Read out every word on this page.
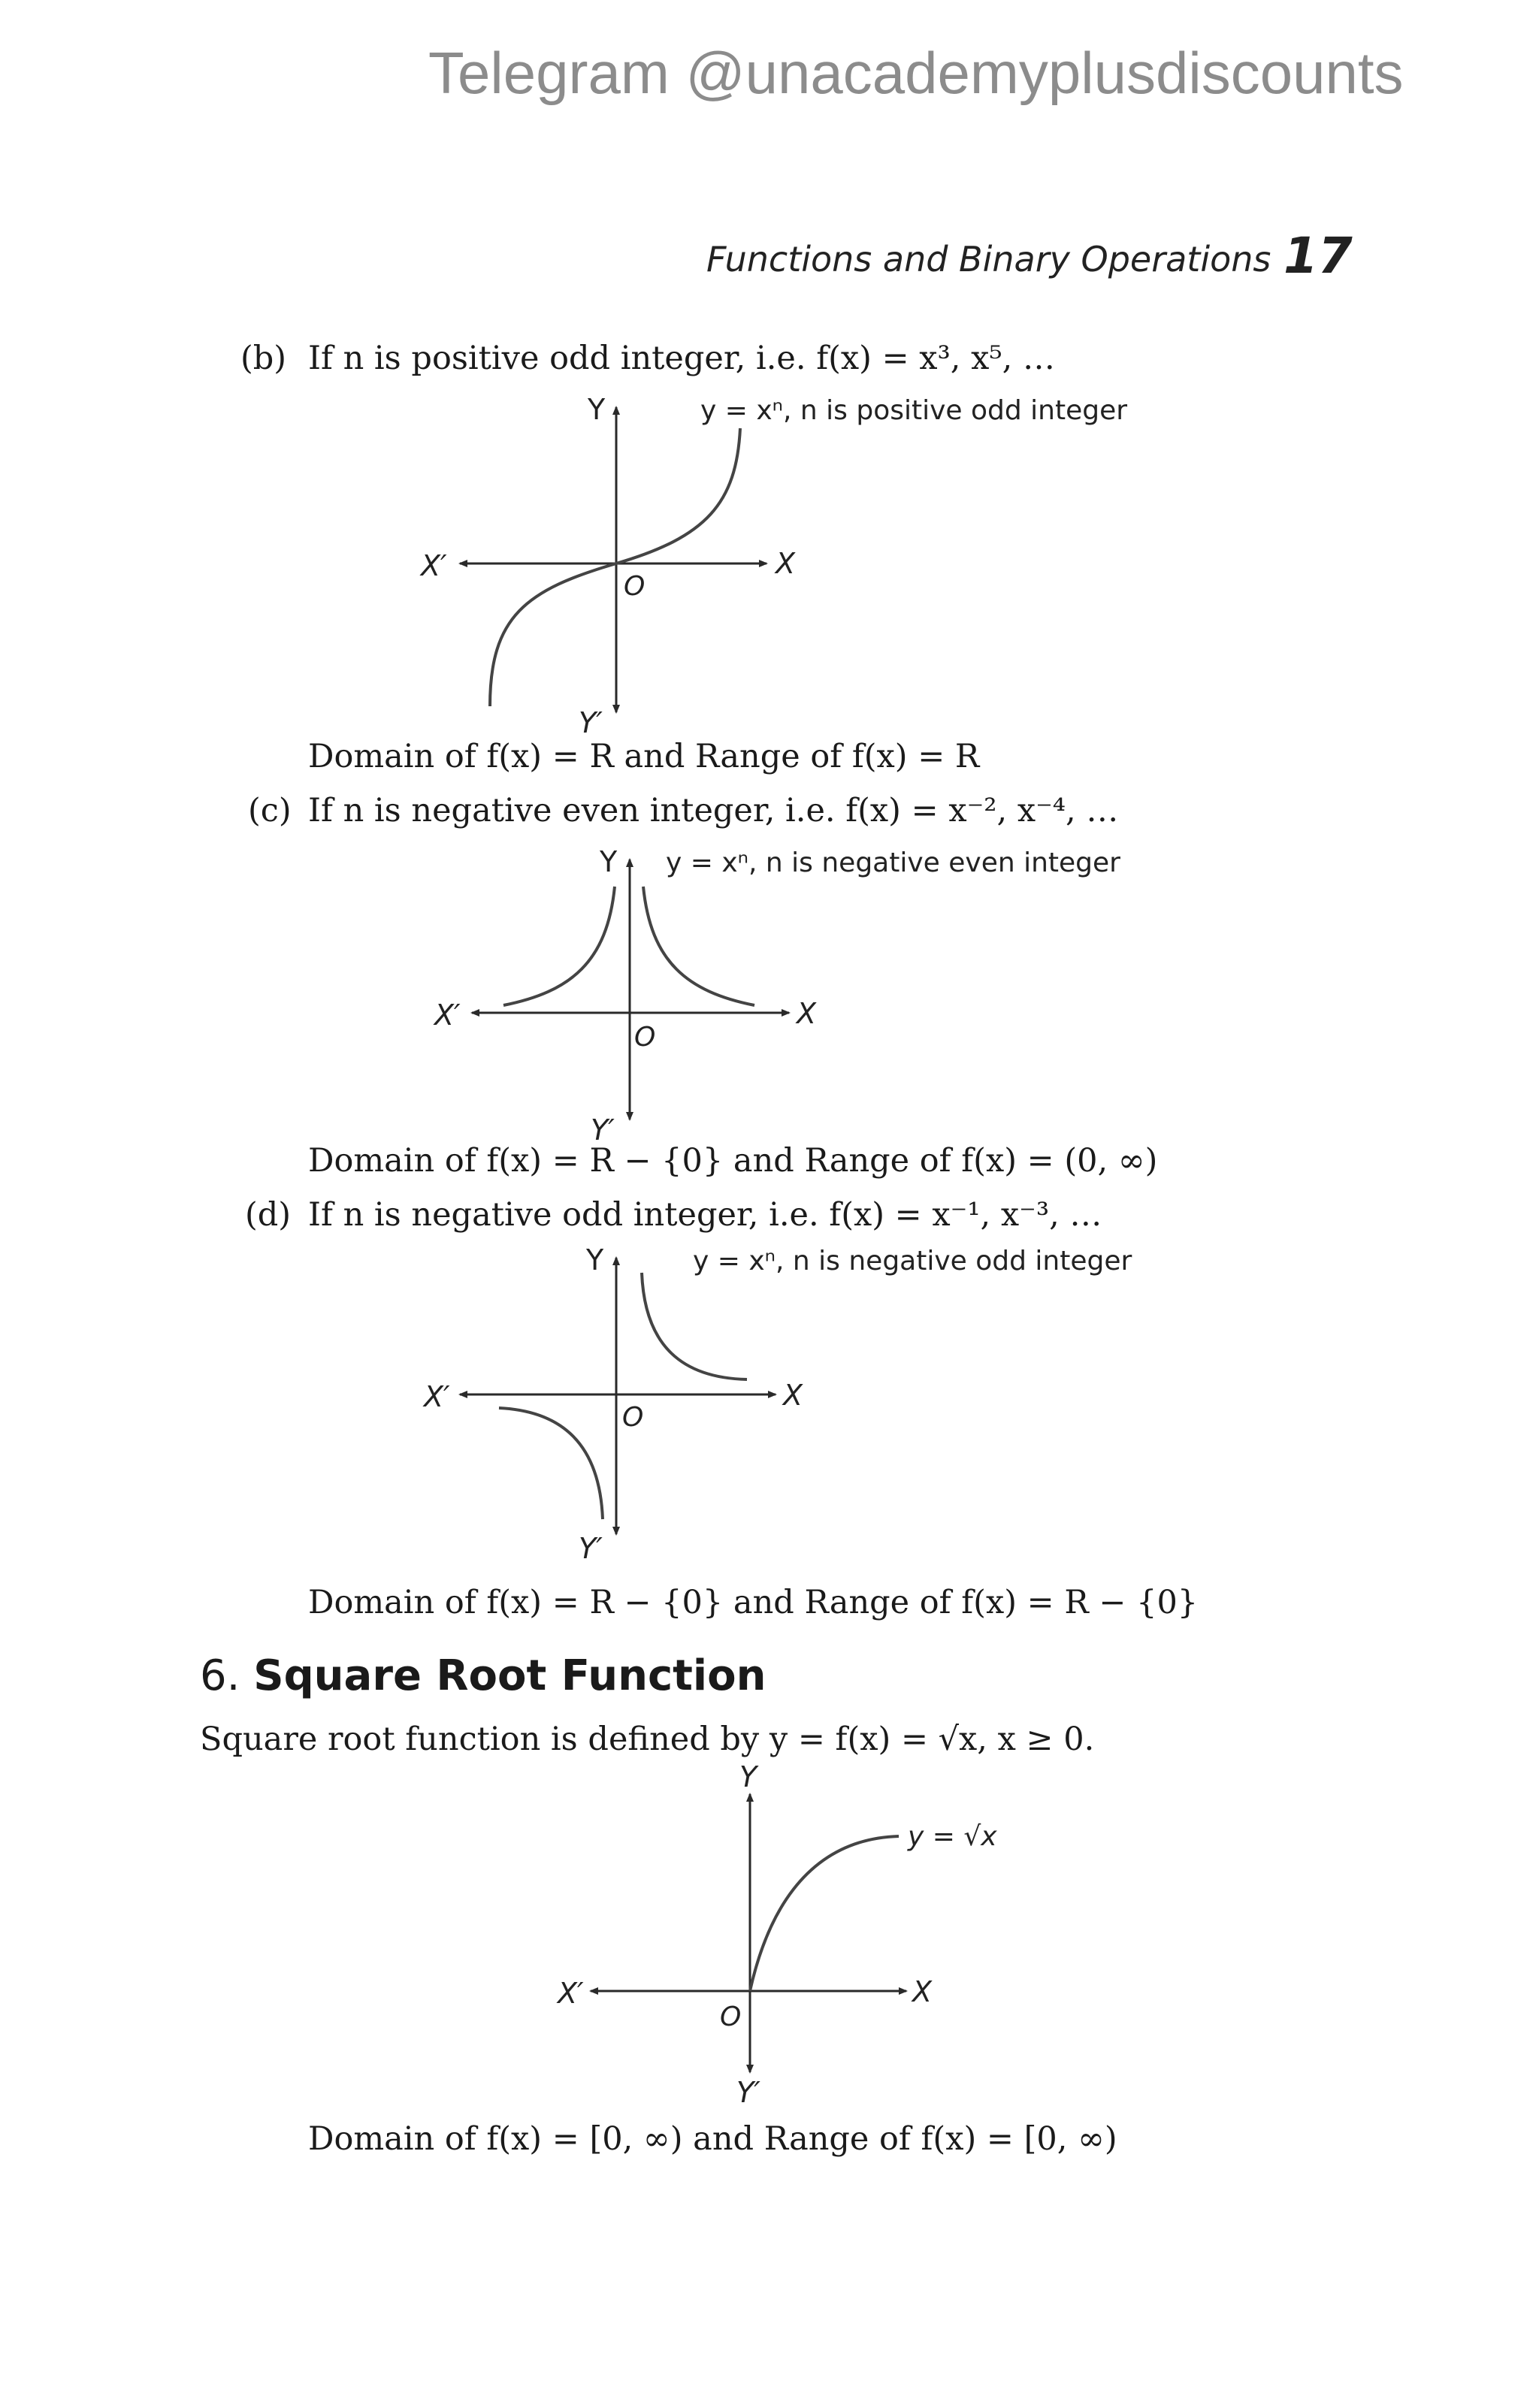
Telegram @unacademyplusdiscounts
Functions and Binary Operations 17
(b) If n is positive odd integer, i.e. f(x) = x³, x⁵, …
Y
Y′
X
X′
O
y = xⁿ, n is positive odd integer
Domain of f(x) = R and Range of f(x) = R
(c) If n is negative even integer, i.e. f(x) = x⁻², x⁻⁴, …
Y
Y′
X
X′
O
y = xⁿ, n is negative even integer
Domain of f(x) = R − {0} and Range of f(x) = (0, ∞)
(d) If n is negative odd integer, i.e. f(x) = x⁻¹, x⁻³, …
Y
Y′
X
X′
O
y = xⁿ, n is negative odd integer
Domain of f(x) = R − {0} and Range of f(x) = R − {0}
6. Square Root Function
Square root function is defined by y = f(x) = √x, x ≥ 0.
Y
Y′
X
X′
O
y = √x
Domain of f(x) = [0, ∞) and Range of f(x) = [0, ∞)
